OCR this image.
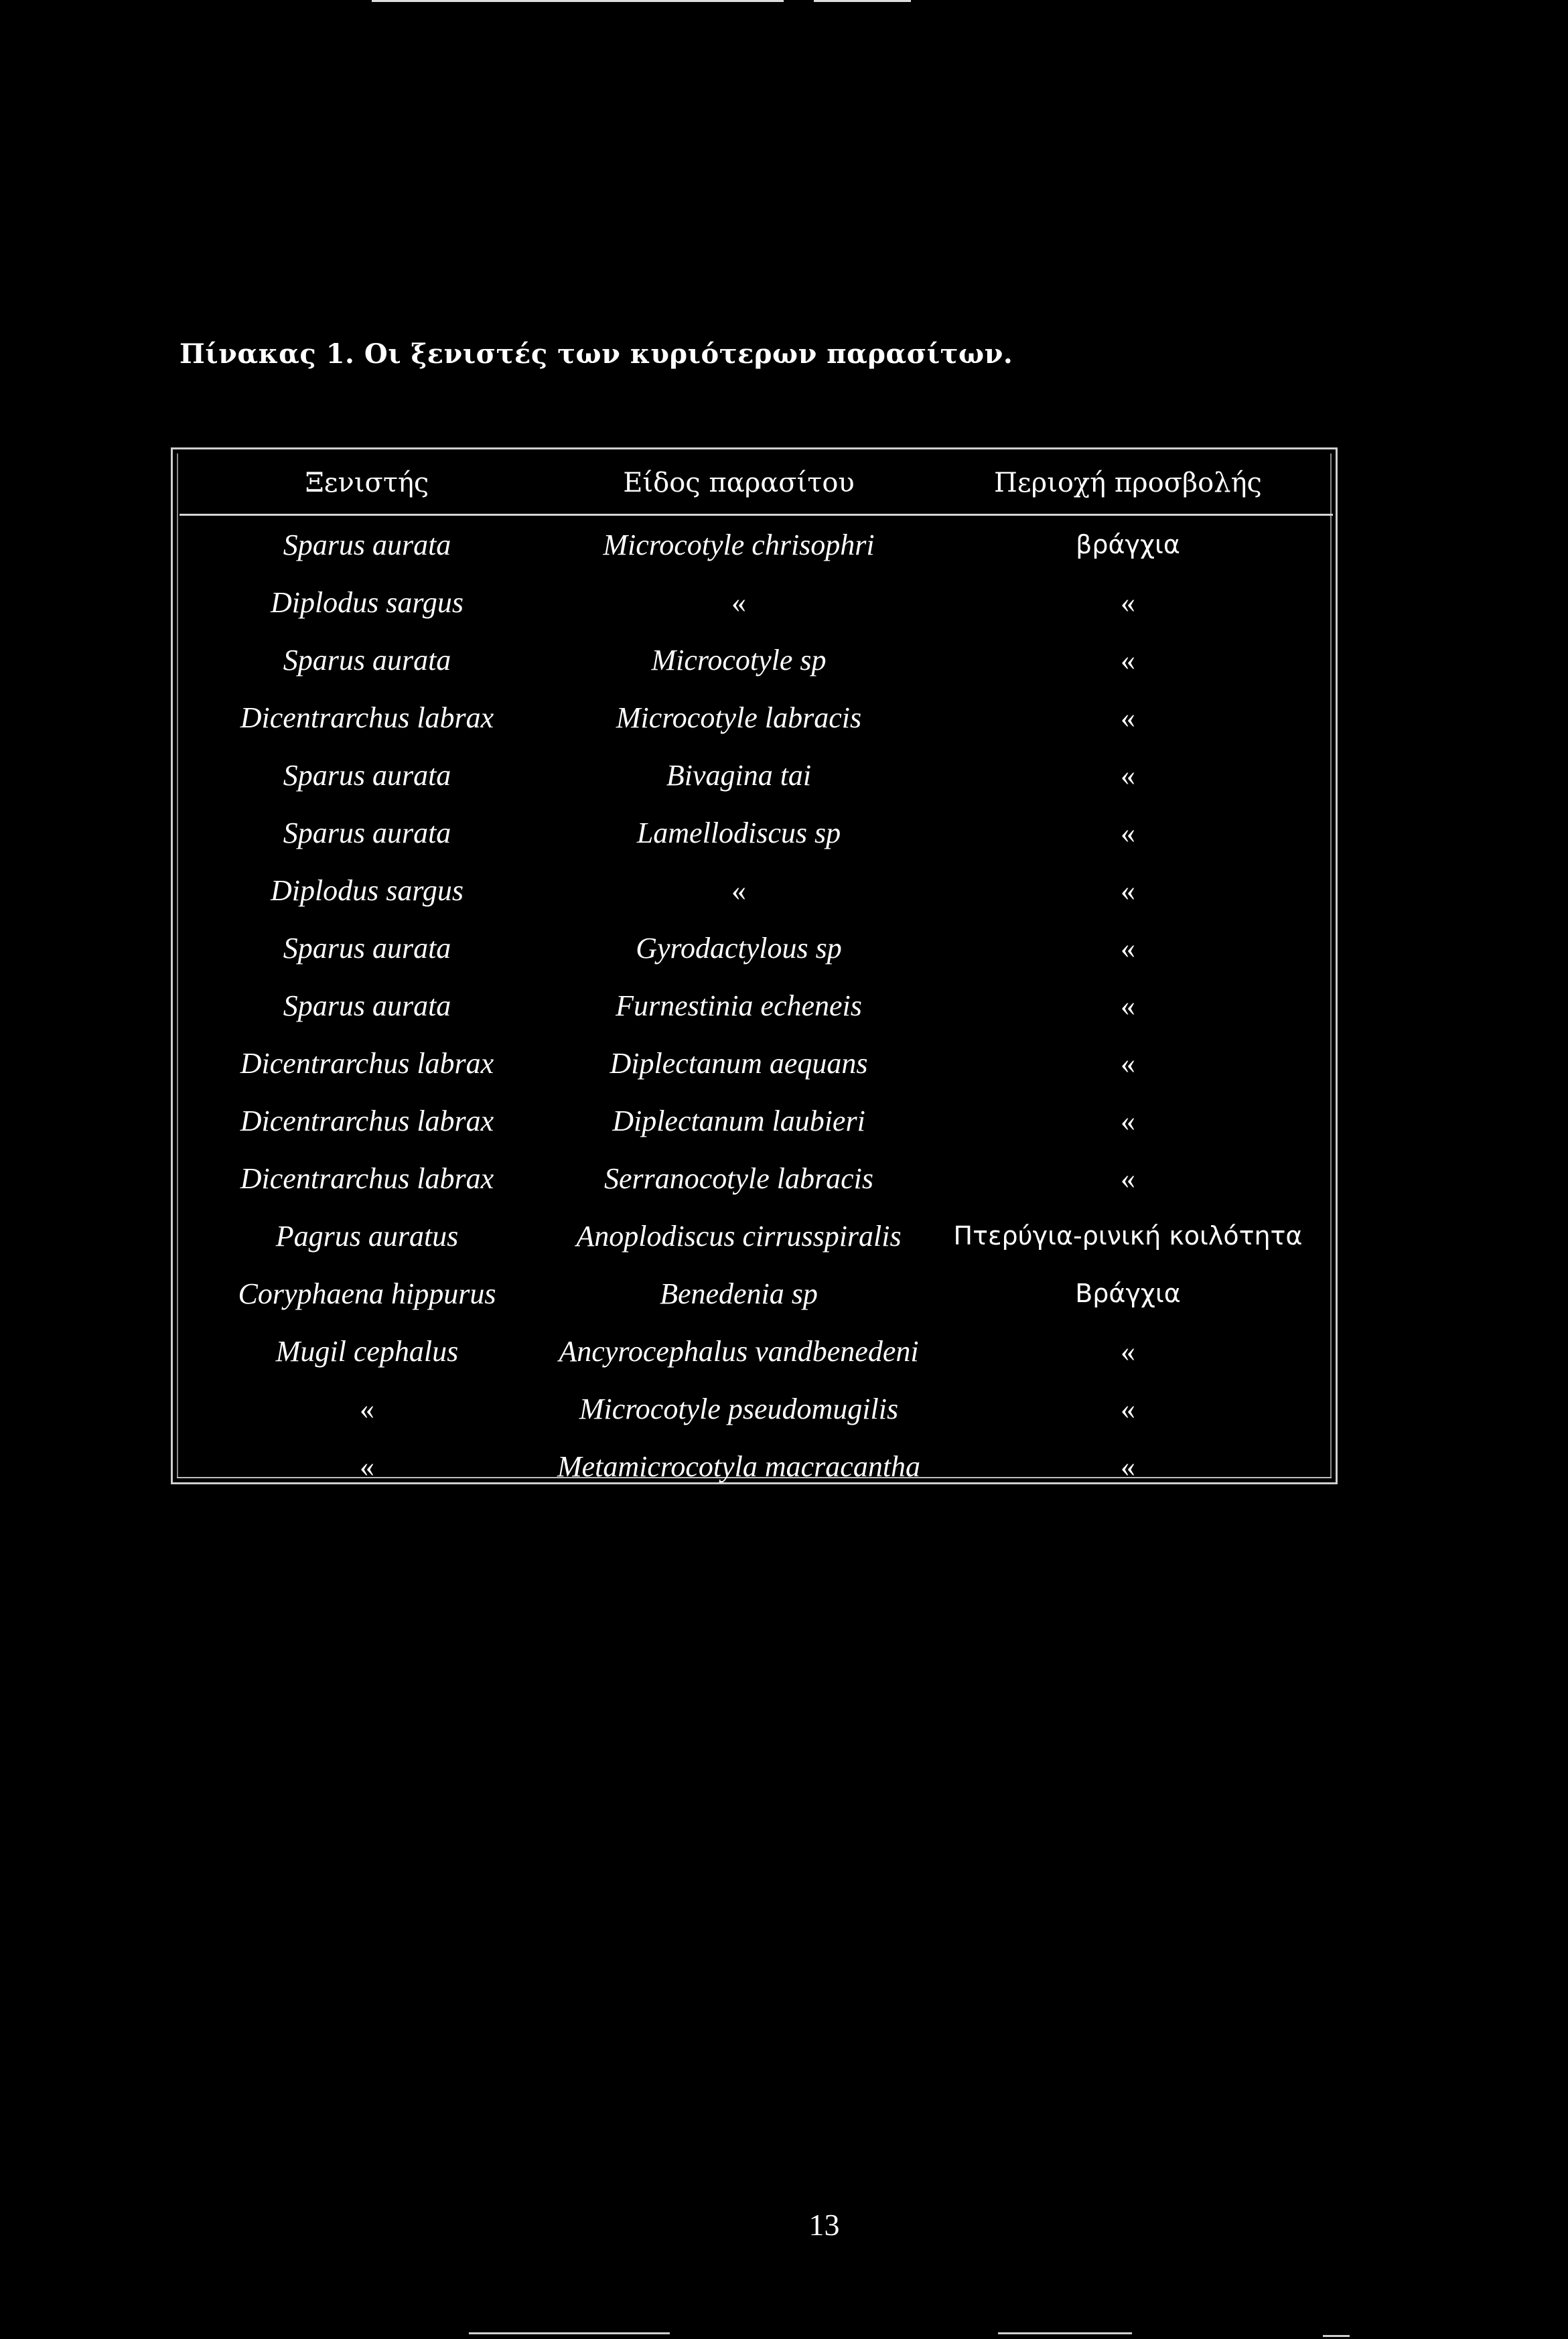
Πίνακας 1. Οι ξενιστές των κυριότερων παρασίτων.
Ξενιστής	Είδος παρασίτου	Περιοχή προσβολής
Sparus aurata	Microcotyle chrisophri	βράγχια
Diplodus sargus	«	«
Sparus aurata	Microcotyle sp	«
Dicentrarchus labrax	Microcotyle labracis	«
Sparus aurata	Bivagina tai	«
Sparus aurata	Lamellodiscus sp	«
Diplodus sargus	«	«
Sparus aurata	Gyrodactylous sp	«
Sparus aurata	Furnestinia echeneis	«
Dicentrarchus labrax	Diplectanum aequans	«
Dicentrarchus labrax	Diplectanum laubieri	«
Dicentrarchus labrax	Serranocotyle labracis	«
Pagrus auratus	Anoplodiscus cirrusspiralis	Πτερύγια-ρινική κοιλότητα
Coryphaena hippurus	Benedenia sp	Βράγχια
Mugil cephalus	Ancyrocephalus vandbenedeni	«
«	Microcotyle pseudomugilis	«
«	Metamicrocotyla macracantha	«
13
